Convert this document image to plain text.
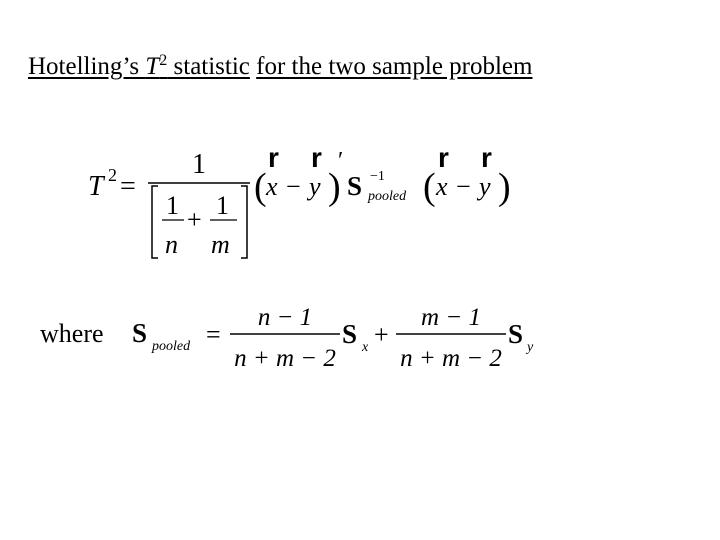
Hotelling’s $T^2$ statistic for the two sample problem
T 2 =
1
1
n
+ 1
m
(
r
x −
r
y )
′
S −1
pooled (
r
x −
r
y )
where S pooled =
n − 1
n + m − 2
S x +
m − 1
n + m − 2
S y
